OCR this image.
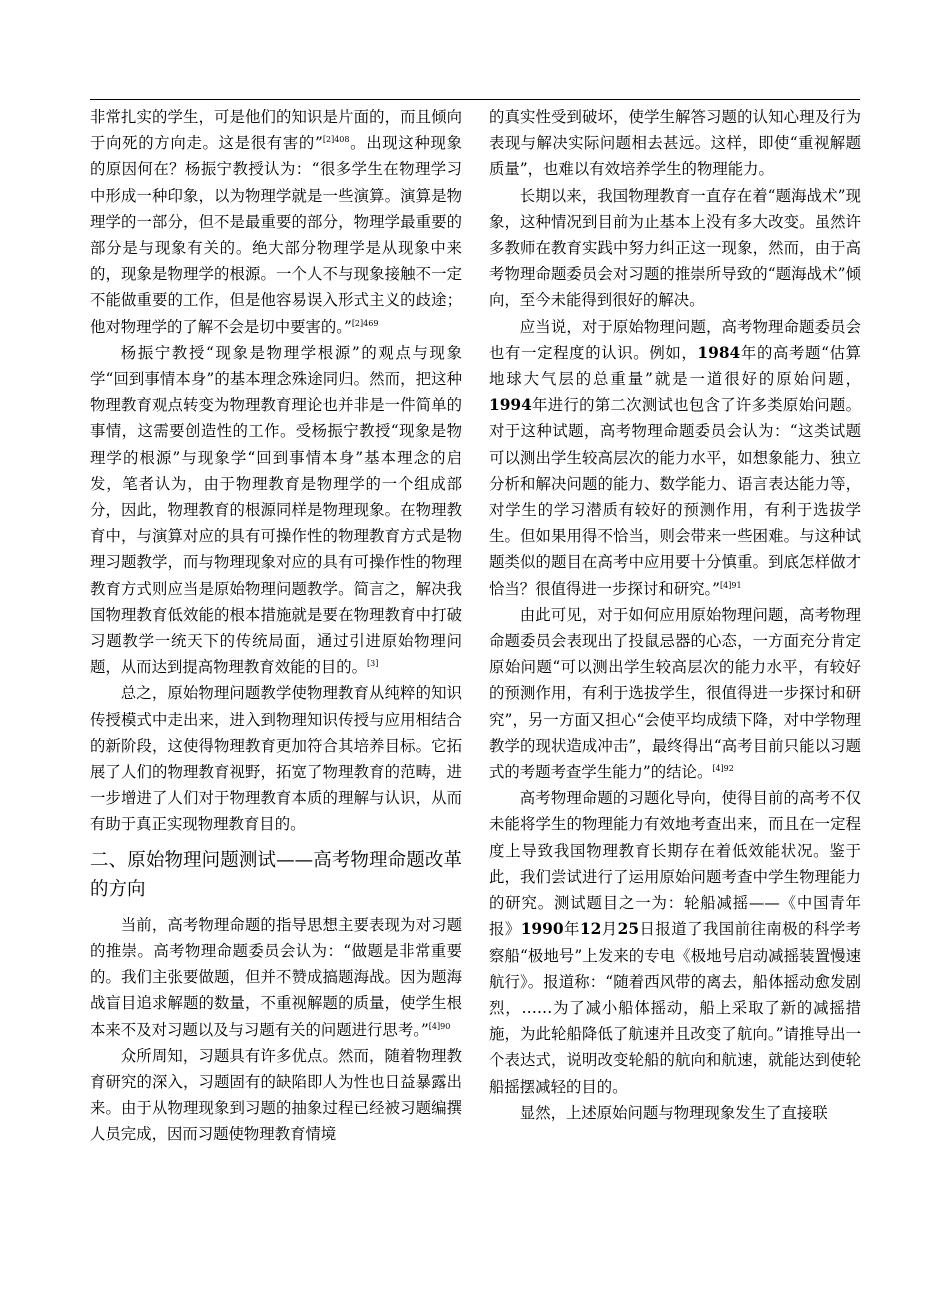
非常扎实的学生，可是他们的知识是片面的，而且倾向于向死的方向走。这是很有害的”$^{[2]408}$。出现这种现象的原因何在？杨振宁教授认为：“很多学生在物理学习中形成一种印象，以为物理学就是一些演算。演算是物理学的一部分，但不是最重要的部分，物理学最重要的部分是与现象有关的。绝大部分物理学是从现象中来的，现象是物理学的根源。一个人不与现象接触不一定不能做重要的工作，但是他容易误入形式主义的歧途；他对物理学的了解不会是切中要害的。”$^{[2]469}$

杨振宁教授“现象是物理学根源”的观点与现象学“回到事情本身”的基本理念殊途同归。然而，把这种物理教育观点转变为物理教育理论也并非是一件简单的事情，这需要创造性的工作。受杨振宁教授“现象是物理学的根源”与现象学“回到事情本身”基本理念的启发，笔者认为，由于物理教育是物理学的一个组成部分，因此，物理教育的根源同样是物理现象。在物理教育中，与演算对应的具有可操作性的物理教育方式是物理习题教学，而与物理现象对应的具有可操作性的物理教育方式则应当是原始物理问题教学。简言之，解决我国物理教育低效能的根本措施就是要在物理教育中打破习题教学一统天下的传统局面，通过引进原始物理问题，从而达到提高物理教育效能的目的。[3]

总之，原始物理问题教学使物理教育从纯粹的知识传授模式中走出来，进入到物理知识传授与应用相结合的新阶段，这使得物理教育更加符合其培养目标。它拓展了人们的物理教育视野，拓宽了物理教育的范畴，进一步增进了人们对于物理教育本质的理解与认识，从而有助于真正实现物理教育目的。

二、原始物理问题测试——高考物理命题改革的方向

当前，高考物理命题的指导思想主要表现为对习题的推崇。高考物理命题委员会认为：“做题是非常重要的。我们主张要做题，但并不赞成搞题海战。因为题海战盲目追求解题的数量，不重视解题的质量，使学生根本来不及对习题以及与习题有关的问题进行思考。”$^{[4]90}$

众所周知，习题具有许多优点。然而，随着物理教育研究的深入，习题固有的缺陷即人为性也日益暴露出来。由于从物理现象到习题的抽象过程已经被习题编撰人员完成，因而习题使物理教育情境

的真实性受到破坏，使学生解答习题的认知心理及行为表现与解决实际问题相去甚远。这样，即使“重视解题质量”，也难以有效培养学生的物理能力。

长期以来，我国物理教育一直存在着“题海战术”现象，这种情况到目前为止基本上没有多大改变。虽然许多教师在教育实践中努力纠正这一现象，然而，由于高考物理命题委员会对习题的推崇所导致的“题海战术”倾向，至今未能得到很好的解决。

应当说，对于原始物理问题，高考物理命题委员会也有一定程度的认识。例如，1984年的高考题“估算地球大气层的总重量”就是一道很好的原始问题，1994年进行的第二次测试也包含了许多类原始问题。对于这种试题，高考物理命题委员会认为：“这类试题可以测出学生较高层次的能力水平，如想象能力、独立分析和解决问题的能力、数学能力、语言表达能力等，对学生的学习潜质有较好的预测作用，有利于选拔学生。但如果用得不恰当，则会带来一些困难。与这种试题类似的题目在高考中应用要十分慎重。到底怎样做才恰当？很值得进一步探讨和研究。”$^{[4]91}$

由此可见，对于如何应用原始物理问题，高考物理命题委员会表现出了投鼠忌器的心态，一方面充分肯定原始问题“可以测出学生较高层次的能力水平，有较好的预测作用，有利于选拔学生，很值得进一步探讨和研究”，另一方面又担心“会使平均成绩下降，对中学物理教学的现状造成冲击”，最终得出“高考目前只能以习题式的考题考查学生能力”的结论。$^{[4]92}$

高考物理命题的习题化导向，使得目前的高考不仅未能将学生的物理能力有效地考查出来，而且在一定程度上导致我国物理教育长期存在着低效能状况。鉴于此，我们尝试进行了运用原始问题考查中学生物理能力的研究。测试题目之一为：轮船减摇——《中国青年报》1990年12月25日报道了我国前往南极的科学考察船“极地号”上发来的专电《极地号启动减摇装置慢速航行》。报道称：“随着西风带的离去，船体摇动愈发剧烈，……为了减小船体摇动，船上采取了新的减摇措施，为此轮船降低了航速并且改变了航向。”请推导出一个表达式，说明改变轮船的航向和航速，就能达到使轮船摇摆减轻的目的。

显然，上述原始问题与物理现象发生了直接联
